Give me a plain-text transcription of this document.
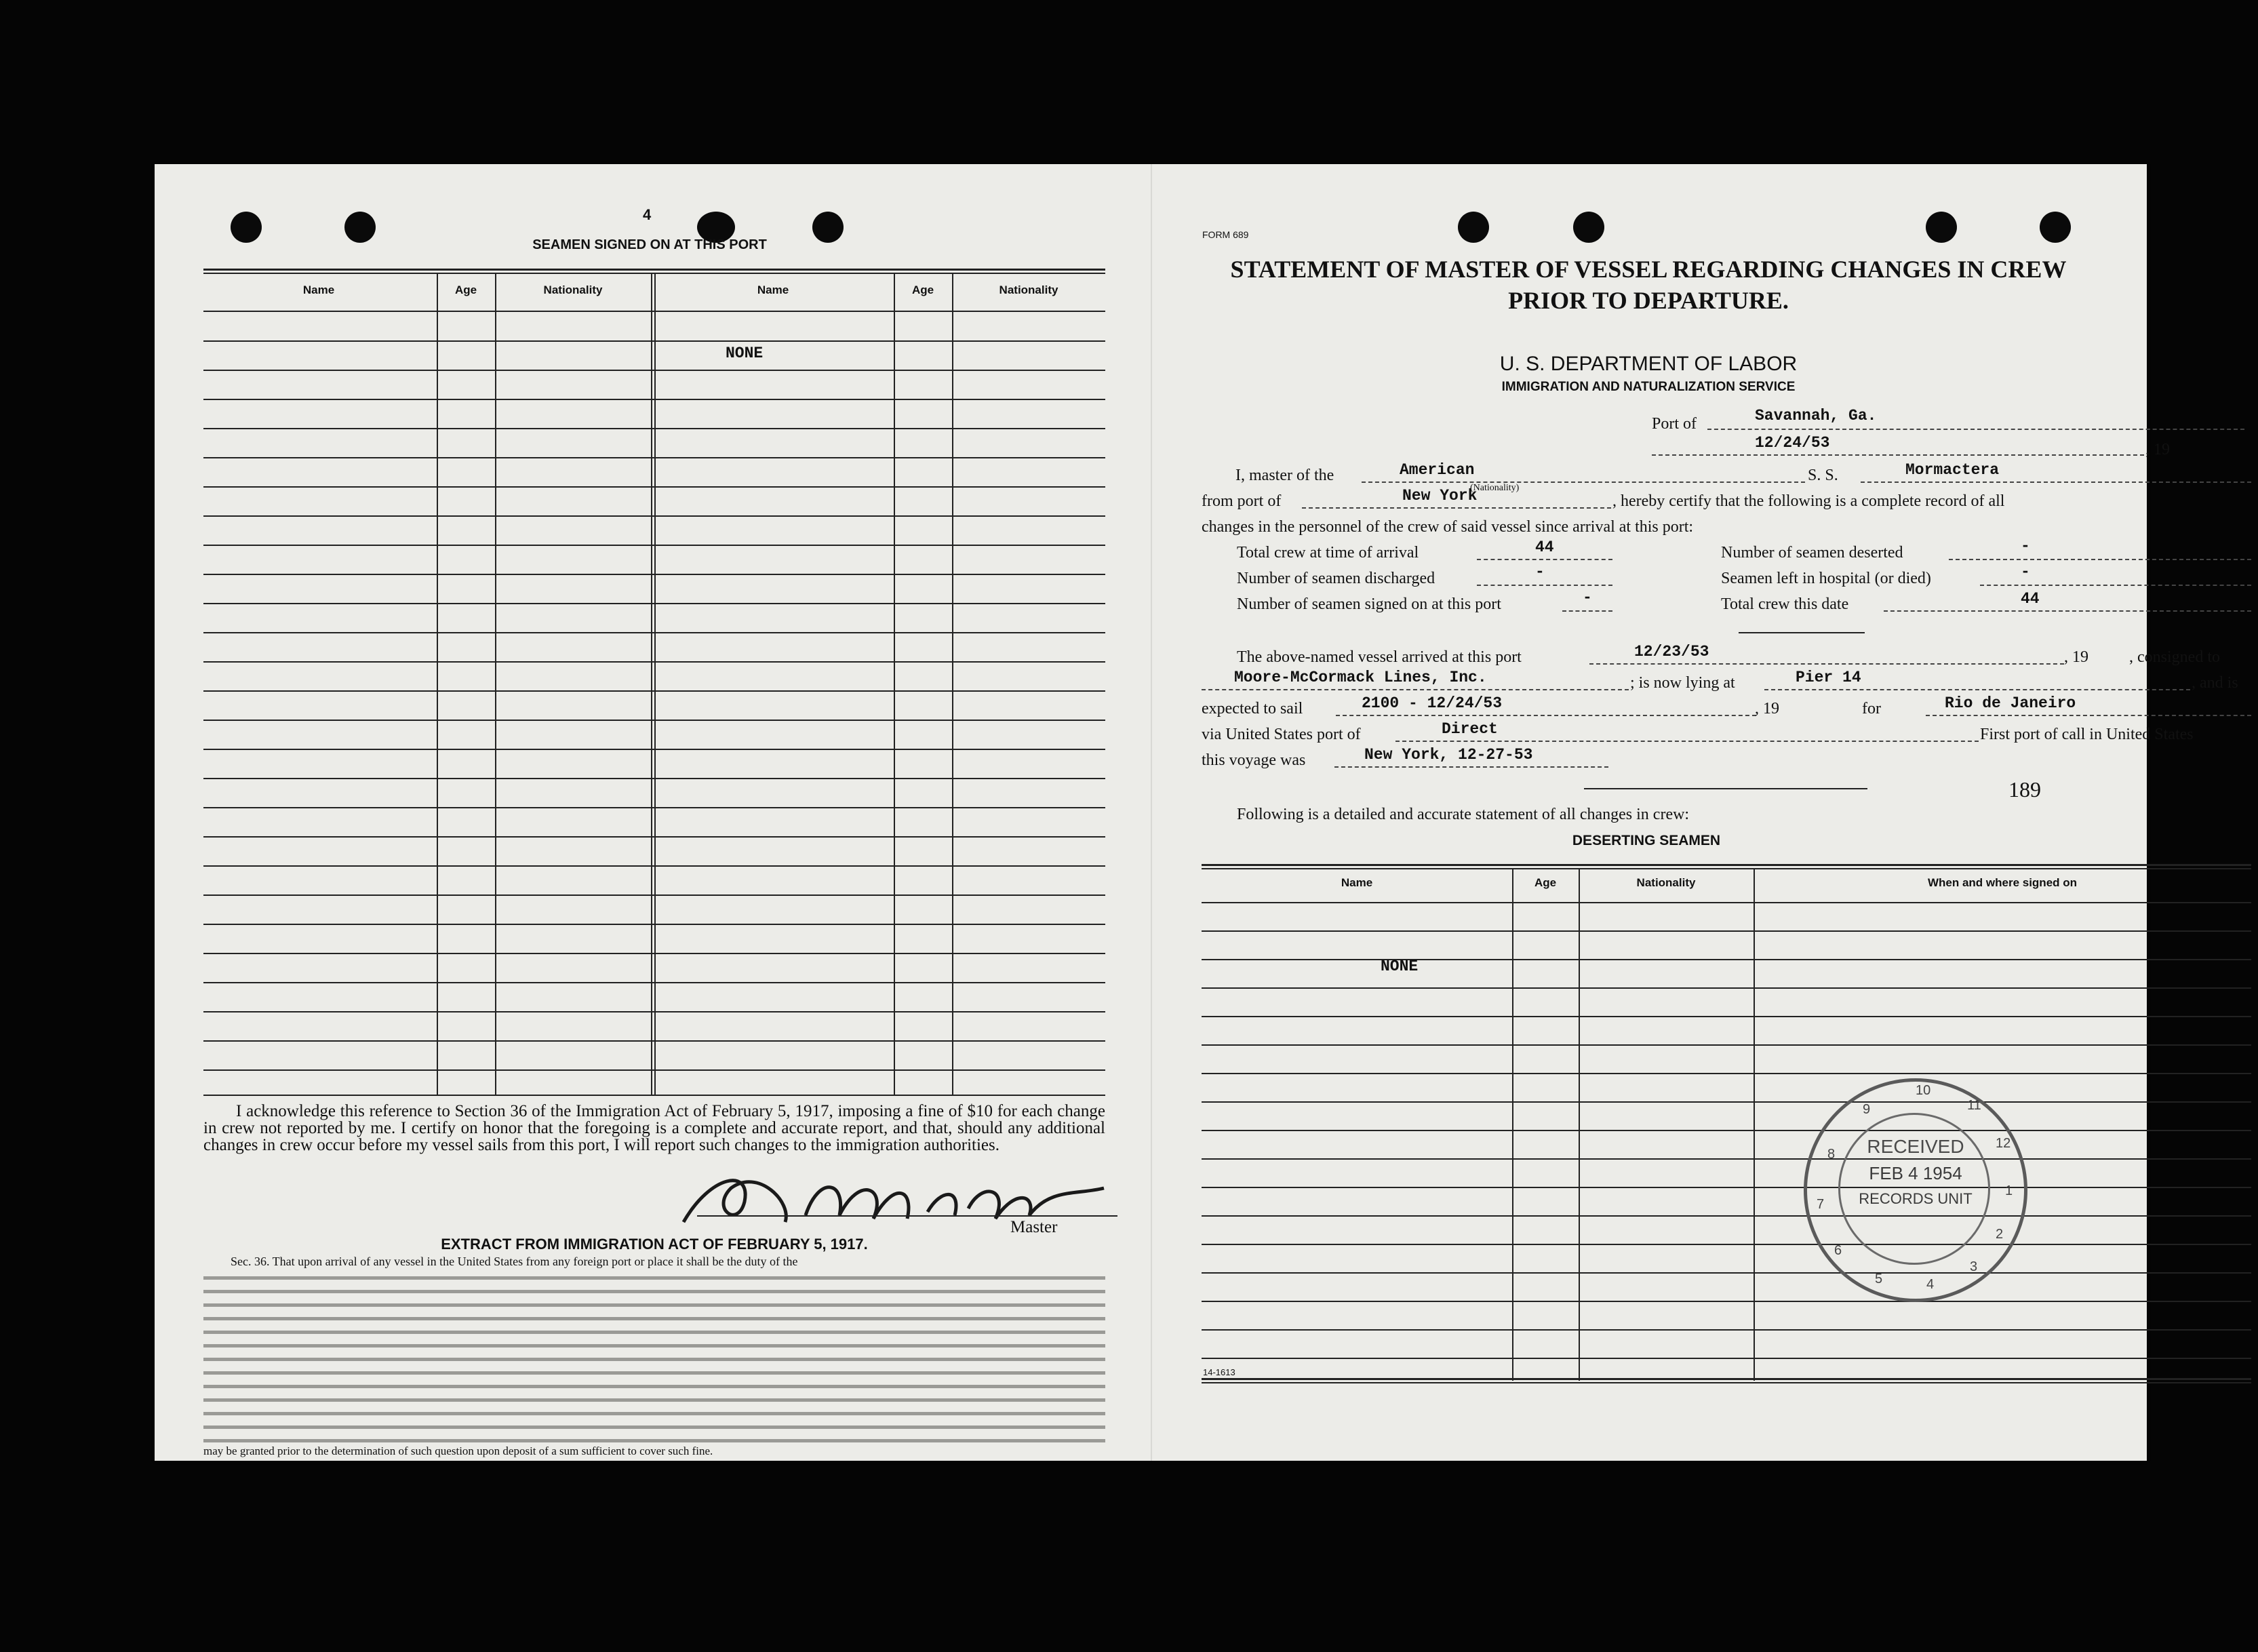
4
SEAMEN SIGNED ON AT THIS PORT
Name	Age	Nationality	Name	Age	Nationality
NONE
I acknowledge this reference to Section 36 of the Immigration Act of February 5, 1917, imposing a fine of $10 for each change in crew not reported by me. I certify on honor that the foregoing is a complete and accurate report, and that, should any additional changes in crew occur before my vessel sails from this port, I will report such changes to the immigration authorities.
Master
EXTRACT FROM IMMIGRATION ACT OF FEBRUARY 5, 1917.
Sec. 36. That upon arrival of any vessel in the United States from any foreign port or place it shall be the duty of the
may be granted prior to the determination of such question upon deposit of a sum sufficient to cover such fine.
FORM 689
STATEMENT OF MASTER OF VESSEL REGARDING CHANGES IN CREW
PRIOR TO DEPARTURE.
U. S. DEPARTMENT OF LABOR
IMMIGRATION AND NATURALIZATION SERVICE
Port of	Savannah, Ga.
12/24/53	, 19
I, master of the	American	S. S.	Mormactera
from port of	New York
(Nationality)
, hereby certify that the following is a complete record of all
changes in the personnel of the crew of said vessel since arrival at this port:
Total crew at time of arrival	44	Number of seamen deserted	-
Number of seamen discharged	-	Seamen left in hospital (or died)	-
Number of seamen signed on at this port	-	Total crew this date	44
The above-named vessel arrived at this port	12/23/53	, 19          , consigned to
Moore-McCormack Lines, Inc.	; is now lying at	Pier 14	, and is
expected to sail	2100 - 12/24/53	, 19	for	Rio de Janeiro
via United States port of	Direct	First port of call in United States
this voyage was	New York, 12-27-53
189
Following is a detailed and accurate statement of all changes in crew:
DESERTING SEAMEN
Name	Age	Nationality	When and where signed on
NONE
14-1613
RECEIVED
FEB 4 1954
RECORDS UNIT
10
11
12
1
2
3
4
5
6
7
8
9
